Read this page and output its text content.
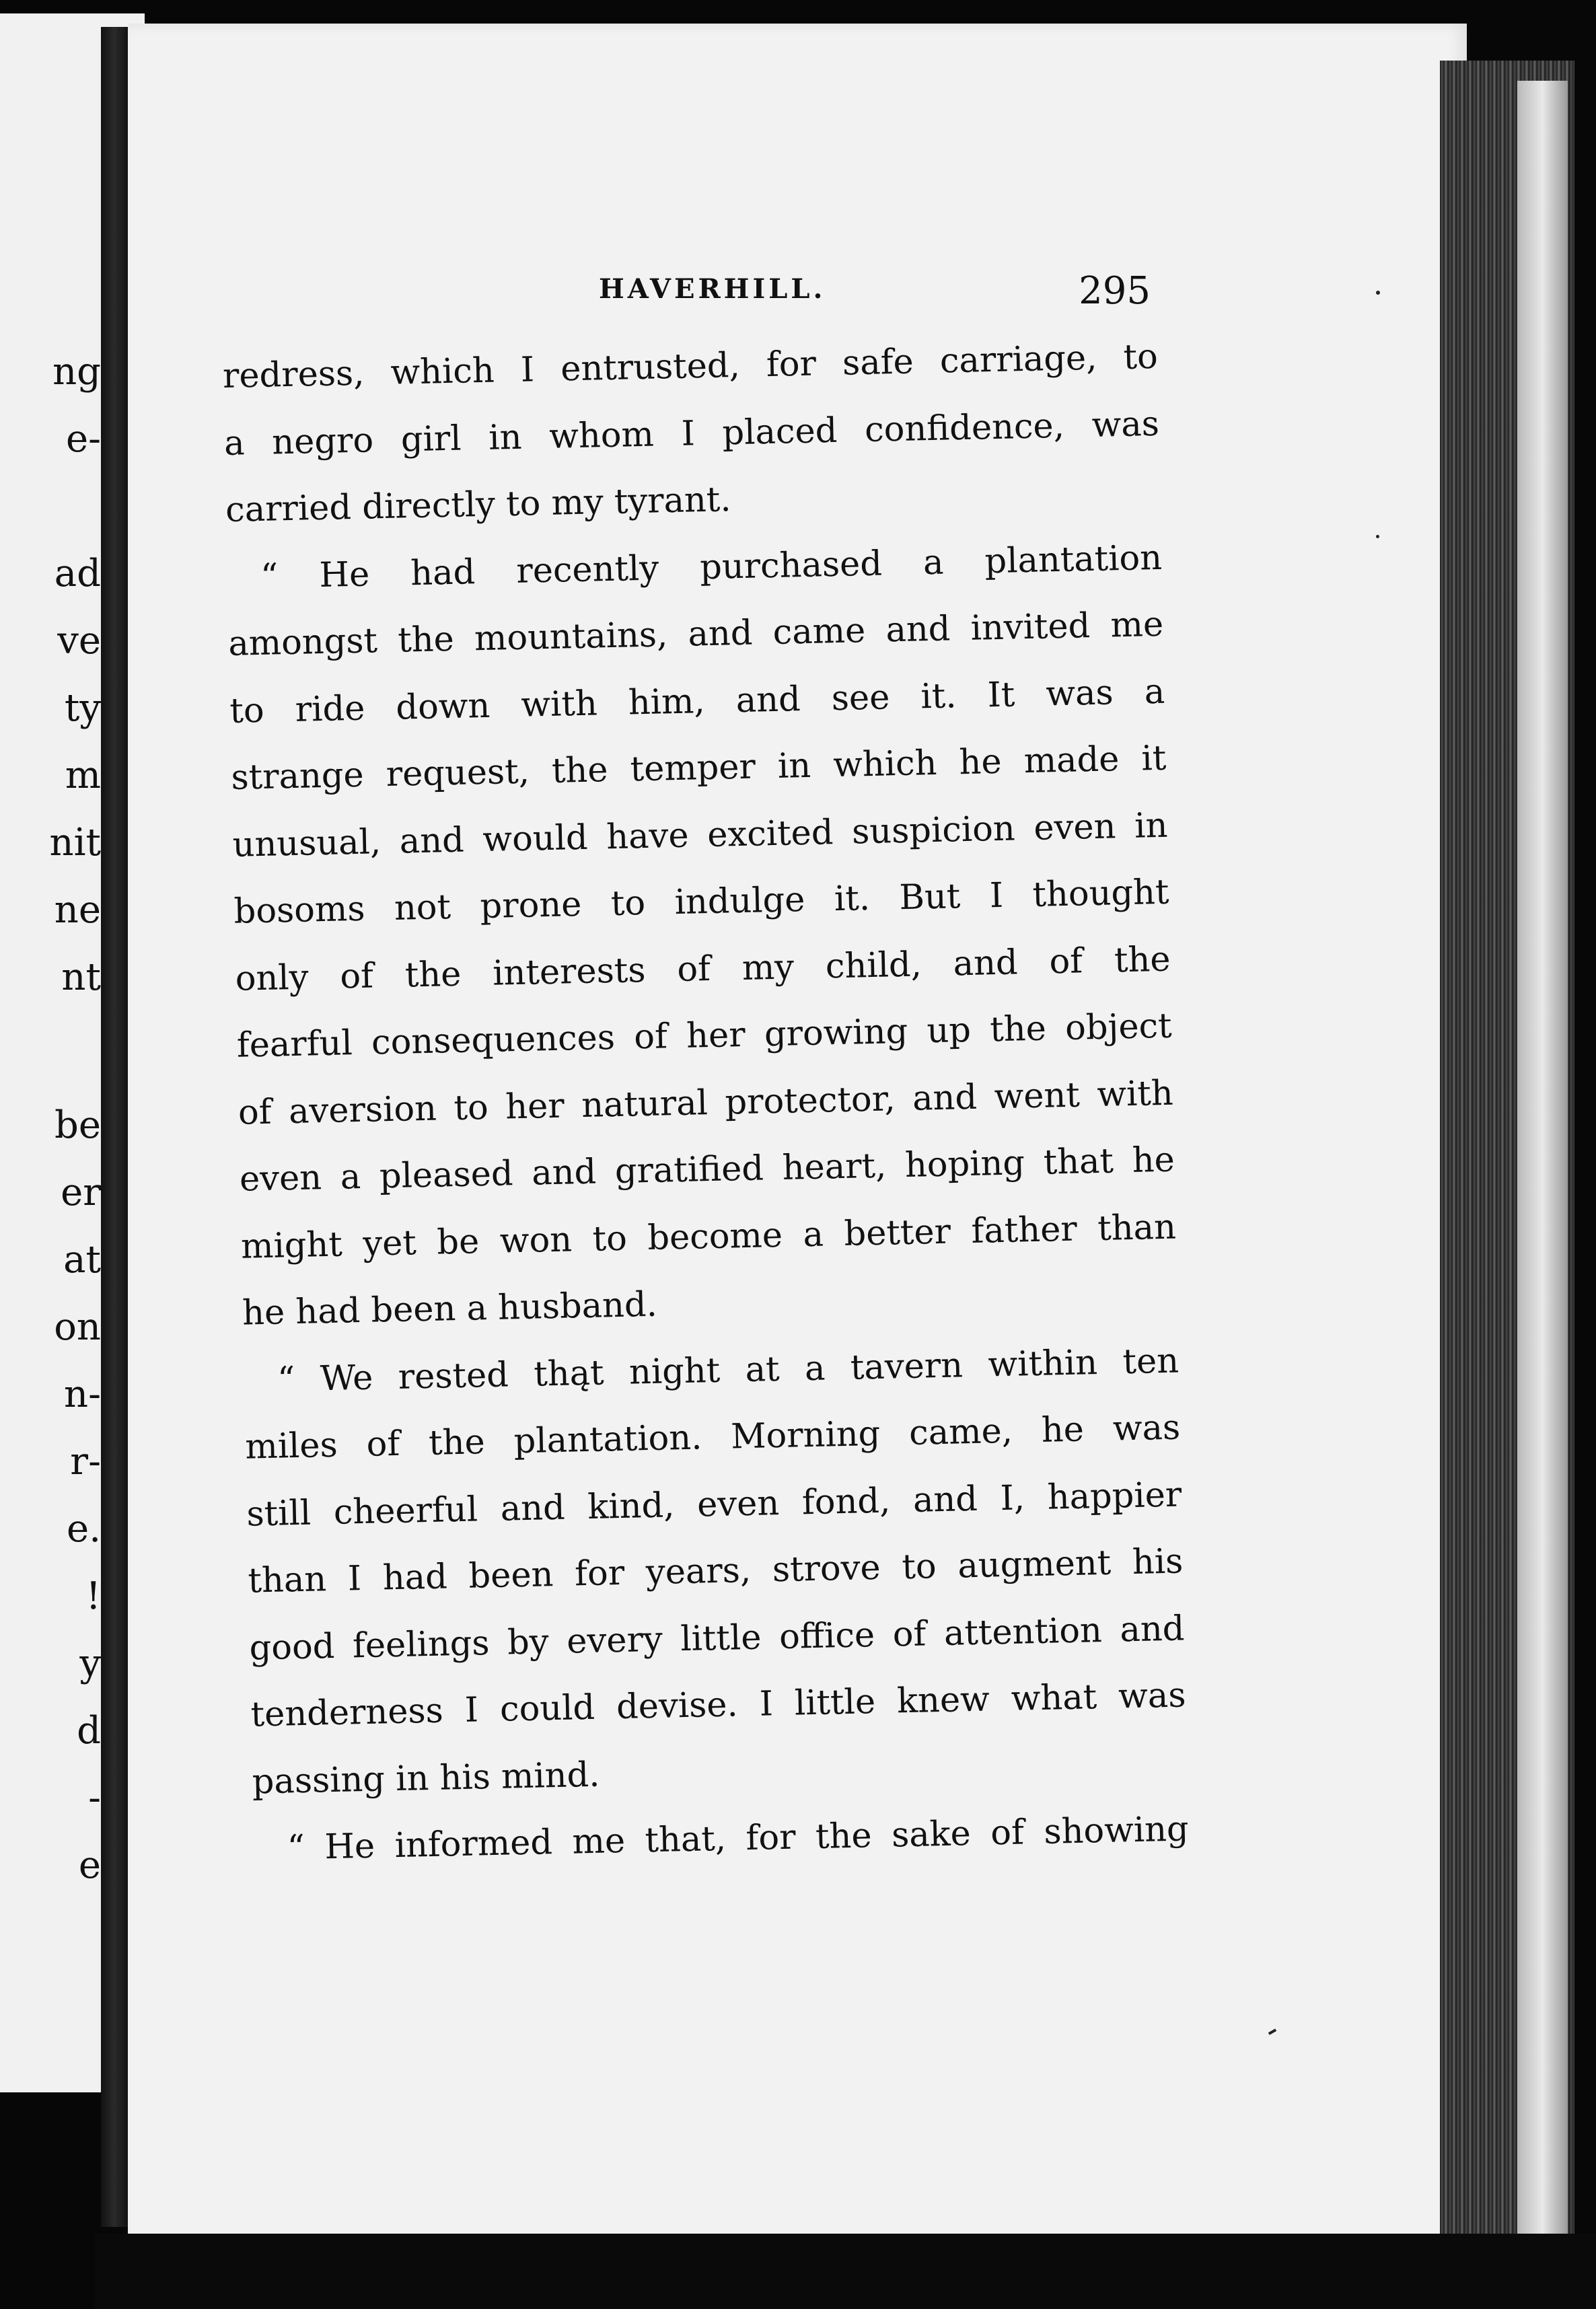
ng
e-
ad
ve
ty
m
nit
ne
nt
be
er
at
on
n-
r-
e.
!
y
d
-
e
HAVERHILL.	295
redress, which I entrusted, for safe carriage, to
a negro girl in whom I placed confidence, was
carried directly to my tyrant.
“ He had recently purchased a plantation
amongst the mountains, and came and invited me
to ride down with him, and see it. It was a
strange request, the temper in which he made it
unusual, and would have excited suspicion even in
bosoms not prone to indulge it. But I thought
only of the interests of my child, and of the
fearful consequences of her growing up the object
of aversion to her natural protector, and went with
even a pleased and gratified heart, hoping that he
might yet be won to become a better father than
he had been a husband.
“ We rested thąt night at a tavern within ten
miles of the plantation. Morning came, he was
still cheerful and kind, even fond, and I, happier
than I had been for years, strove to augment his
good feelings by every little office of attention and
tenderness I could devise. I little knew what was
passing in his mind.
“ He informed me that, for the sake of showing
